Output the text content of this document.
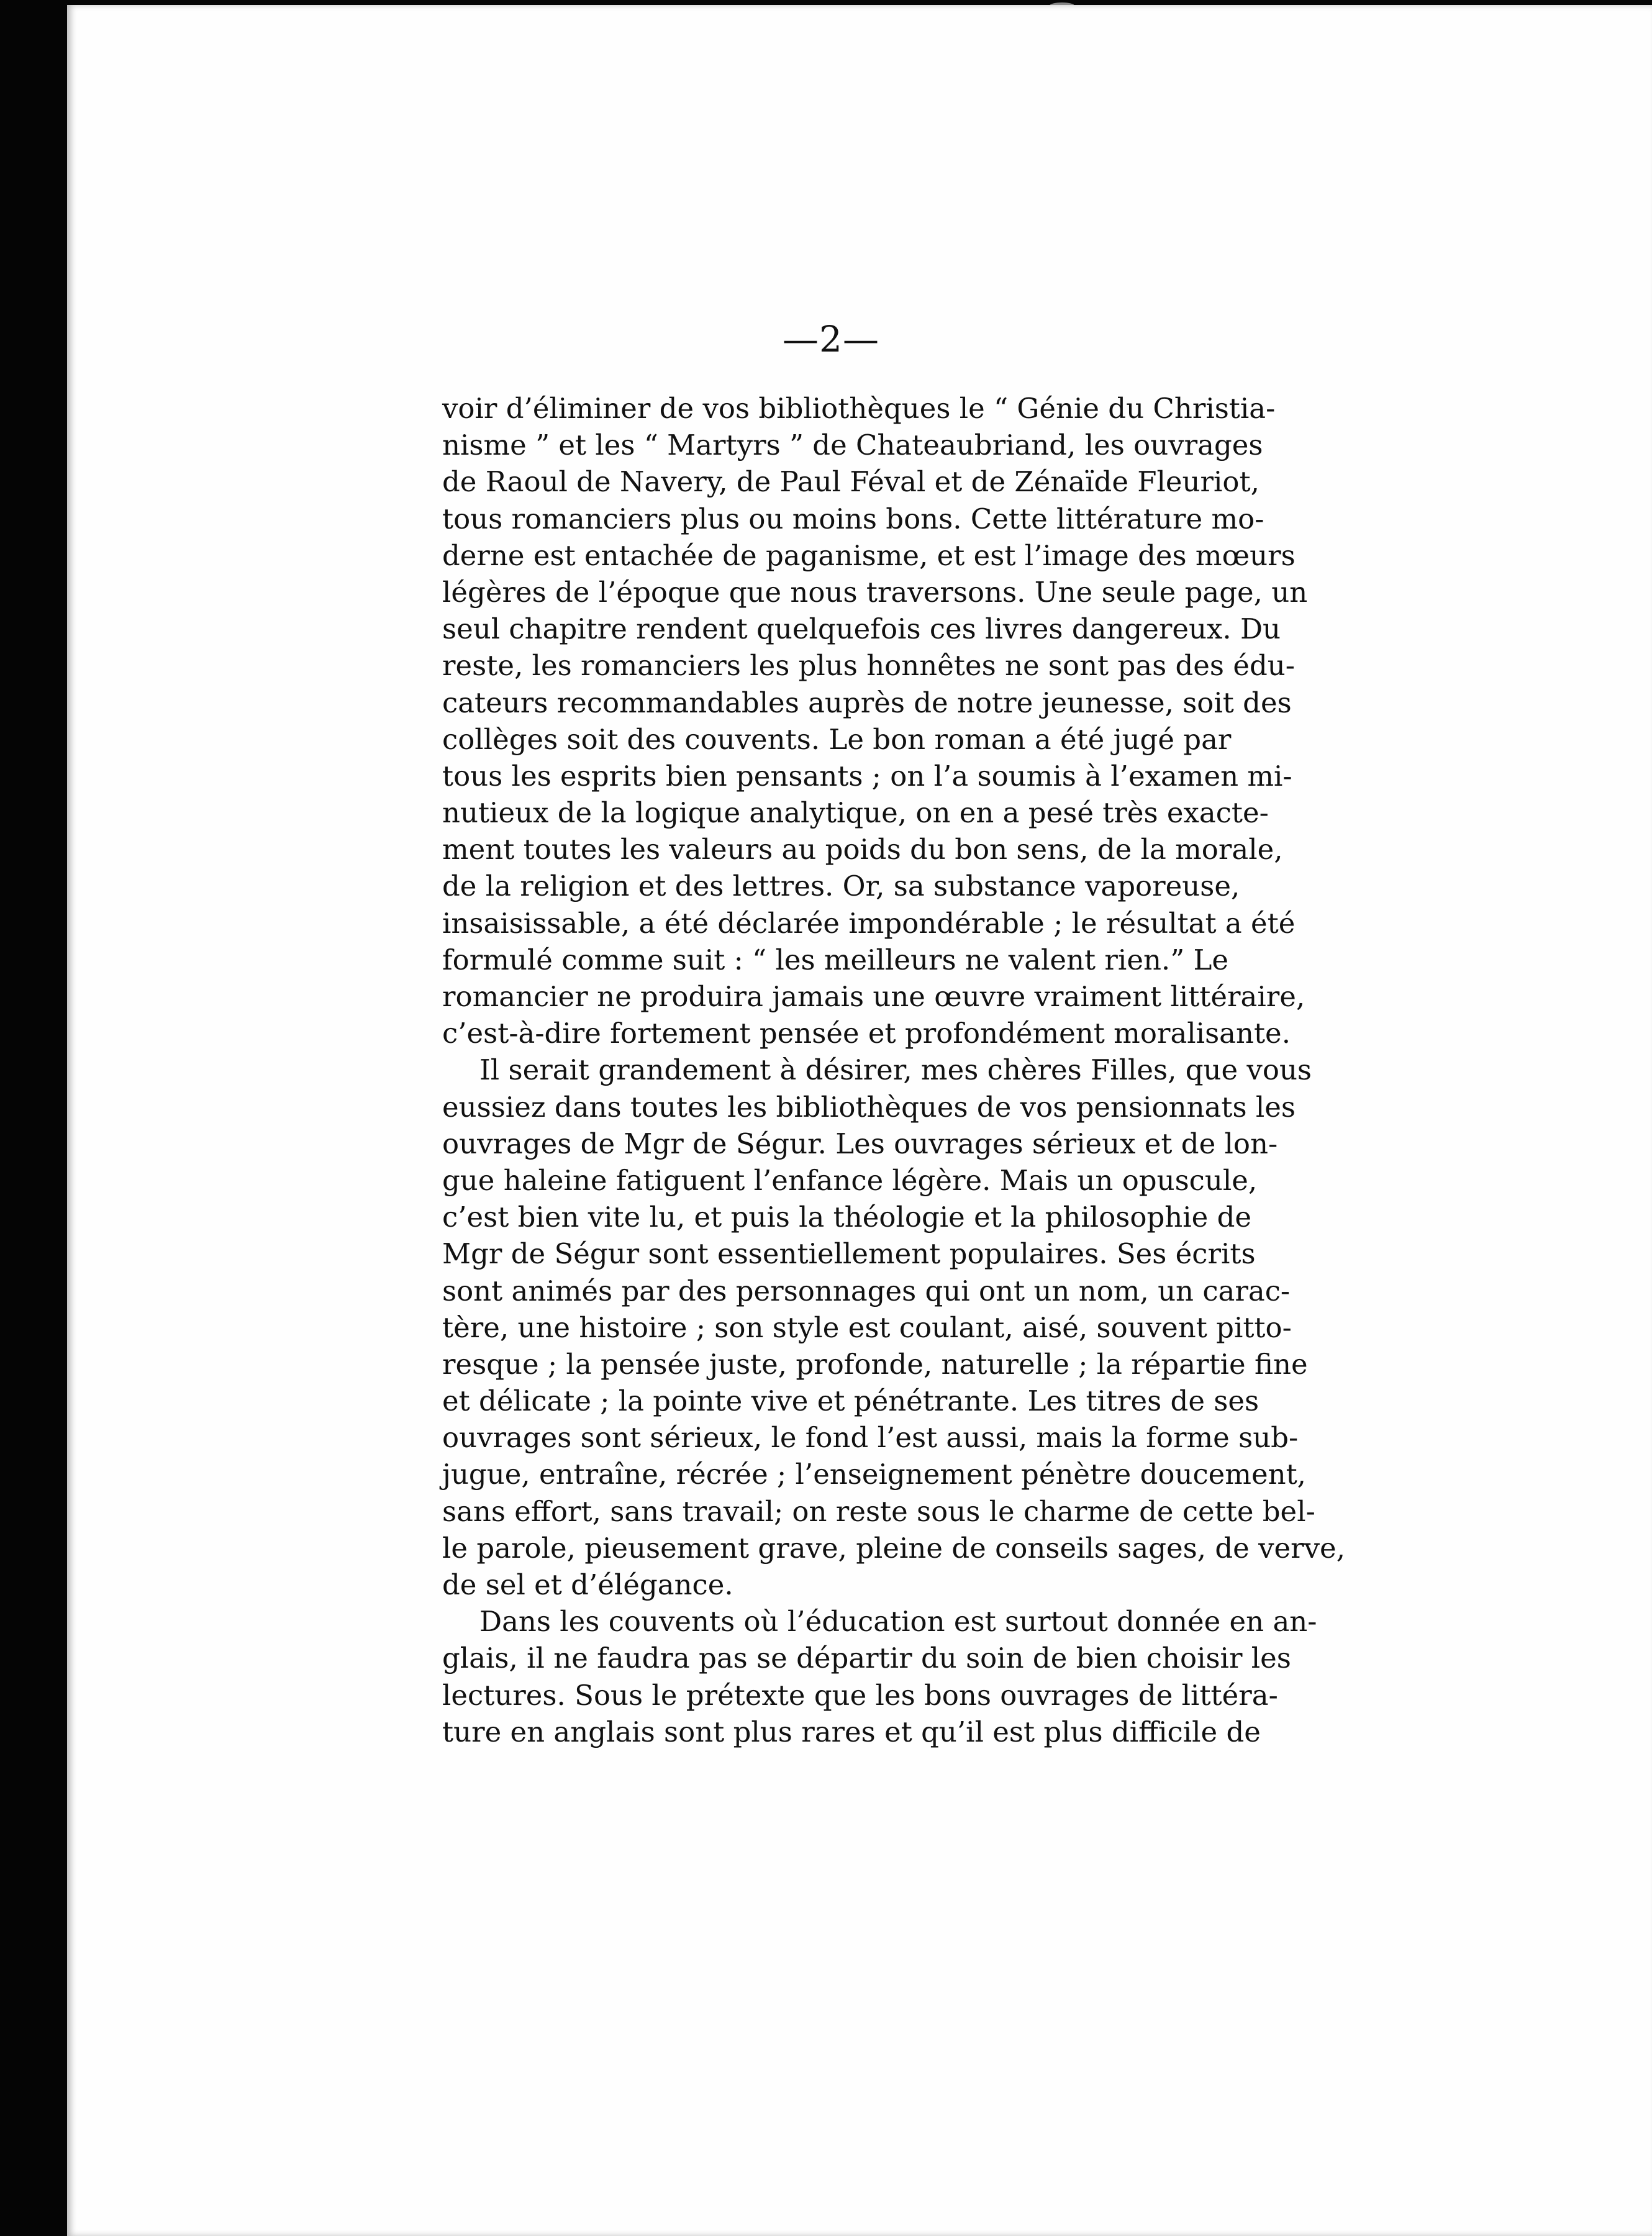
—2—
voir d’éliminer de vos bibliothèques le “ Génie du Christia-
nisme ” et les “ Martyrs ” de Chateaubriand, les ouvrages
de Raoul de Navery, de Paul Féval et de Zénaïde Fleuriot,
tous romanciers plus ou moins bons. Cette littérature mo-
derne est entachée de paganisme, et est l’image des mœurs
légères de l’époque que nous traversons. Une seule page, un
seul chapitre rendent quelquefois ces livres dangereux. Du
reste, les romanciers les plus honnêtes ne sont pas des édu-
cateurs recommandables auprès de notre jeunesse, soit des
collèges soit des couvents. Le bon roman a été jugé par
tous les esprits bien pensants ; on l’a soumis à l’examen mi-
nutieux de la logique analytique, on en a pesé très exacte-
ment toutes les valeurs au poids du bon sens, de la morale,
de la religion et des lettres. Or, sa substance vaporeuse,
insaisissable, a été déclarée impondérable ; le résultat a été
formulé comme suit : “ les meilleurs ne valent rien.” Le
romancier ne produira jamais une œuvre vraiment littéraire,
c’est-à-dire fortement pensée et profondément moralisante.
Il serait grandement à désirer, mes chères Filles, que vous
eussiez dans toutes les bibliothèques de vos pensionnats les
ouvrages de Mgr de Ségur. Les ouvrages sérieux et de lon-
gue haleine fatiguent l’enfance légère. Mais un opuscule,
c’est bien vite lu, et puis la théologie et la philosophie de
Mgr de Ségur sont essentiellement populaires. Ses écrits
sont animés par des personnages qui ont un nom, un carac-
tère, une histoire ; son style est coulant, aisé, souvent pitto-
resque ; la pensée juste, profonde, naturelle ; la répartie fine
et délicate ; la pointe vive et pénétrante. Les titres de ses
ouvrages sont sérieux, le fond l’est aussi, mais la forme sub-
jugue, entraîne, récrée ; l’enseignement pénètre doucement,
sans effort, sans travail; on reste sous le charme de cette bel-
le parole, pieusement grave, pleine de conseils sages, de verve,
de sel et d’élégance.
Dans les couvents où l’éducation est surtout donnée en an-
glais, il ne faudra pas se départir du soin de bien choisir les
lectures. Sous le prétexte que les bons ouvrages de littéra-
ture en anglais sont plus rares et qu’il est plus difficile de
